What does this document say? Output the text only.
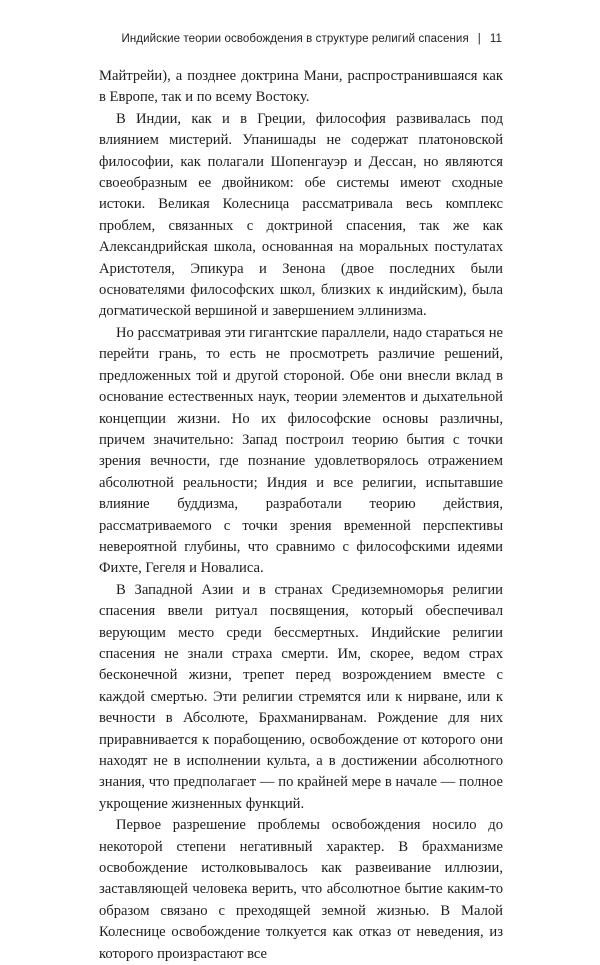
Индийские теории освобождения в структуре религий спасения | 11

Майтрейи), а позднее доктрина Мани, распространившаяся как в Европе, так и по всему Востоку.

В Индии, как и в Греции, философия развивалась под влиянием мистерий. Упанишады не содержат платоновской философии, как полагали Шопенгауэр и Дессан, но являются своеобразным ее двойником: обе системы имеют сходные истоки. Великая Колесница рассматривала весь комплекс проблем, связанных с доктриной спасения, так же как Александрийская школа, основанная на моральных постулатах Аристотеля, Эпикура и Зенона (двое последних были основателями философских школ, близких к индийским), была догматической вершиной и завершением эллинизма.

Но рассматривая эти гигантские параллели, надо стараться не перейти грань, то есть не просмотреть различие решений, предложенных той и другой стороной. Обе они внесли вклад в основание естественных наук, теории элементов и дыхательной концепции жизни. Но их философские основы различны, причем значительно: Запад построил теорию бытия с точки зрения вечности, где познание удовлетворялось отражением абсолютной реальности; Индия и все религии, испытавшие влияние буддизма, разработали теорию действия, рассматриваемого с точки зрения временной перспективы невероятной глубины, что сравнимо с философскими идеями Фихте, Гегеля и Новалиса.

В Западной Азии и в странах Средиземноморья религии спасения ввели ритуал посвящения, который обеспечивал верующим место среди бессмертных. Индийские религии спасения не знали страха смерти. Им, скорее, ведом страх бесконечной жизни, трепет перед возрождением вместе с каждой смертью. Эти религии стремятся или к нирване, или к вечности в Абсолюте, Брахманирванам. Рождение для них приравнивается к порабощению, освобождение от которого они находят не в исполнении культа, а в достижении абсолютного знания, что предполагает — по крайней мере в начале — полное укрощение жизненных функций.

Первое разрешение проблемы освобождения носило до некоторой степени негативный характер. В брахманизме освобождение истолковывалось как развеивание иллюзии, заставляющей человека верить, что абсолютное бытие каким-то образом связано с преходящей земной жизнью. В Малой Колеснице освобождение толкуется как отказ от неведения, из которого произрастают все
